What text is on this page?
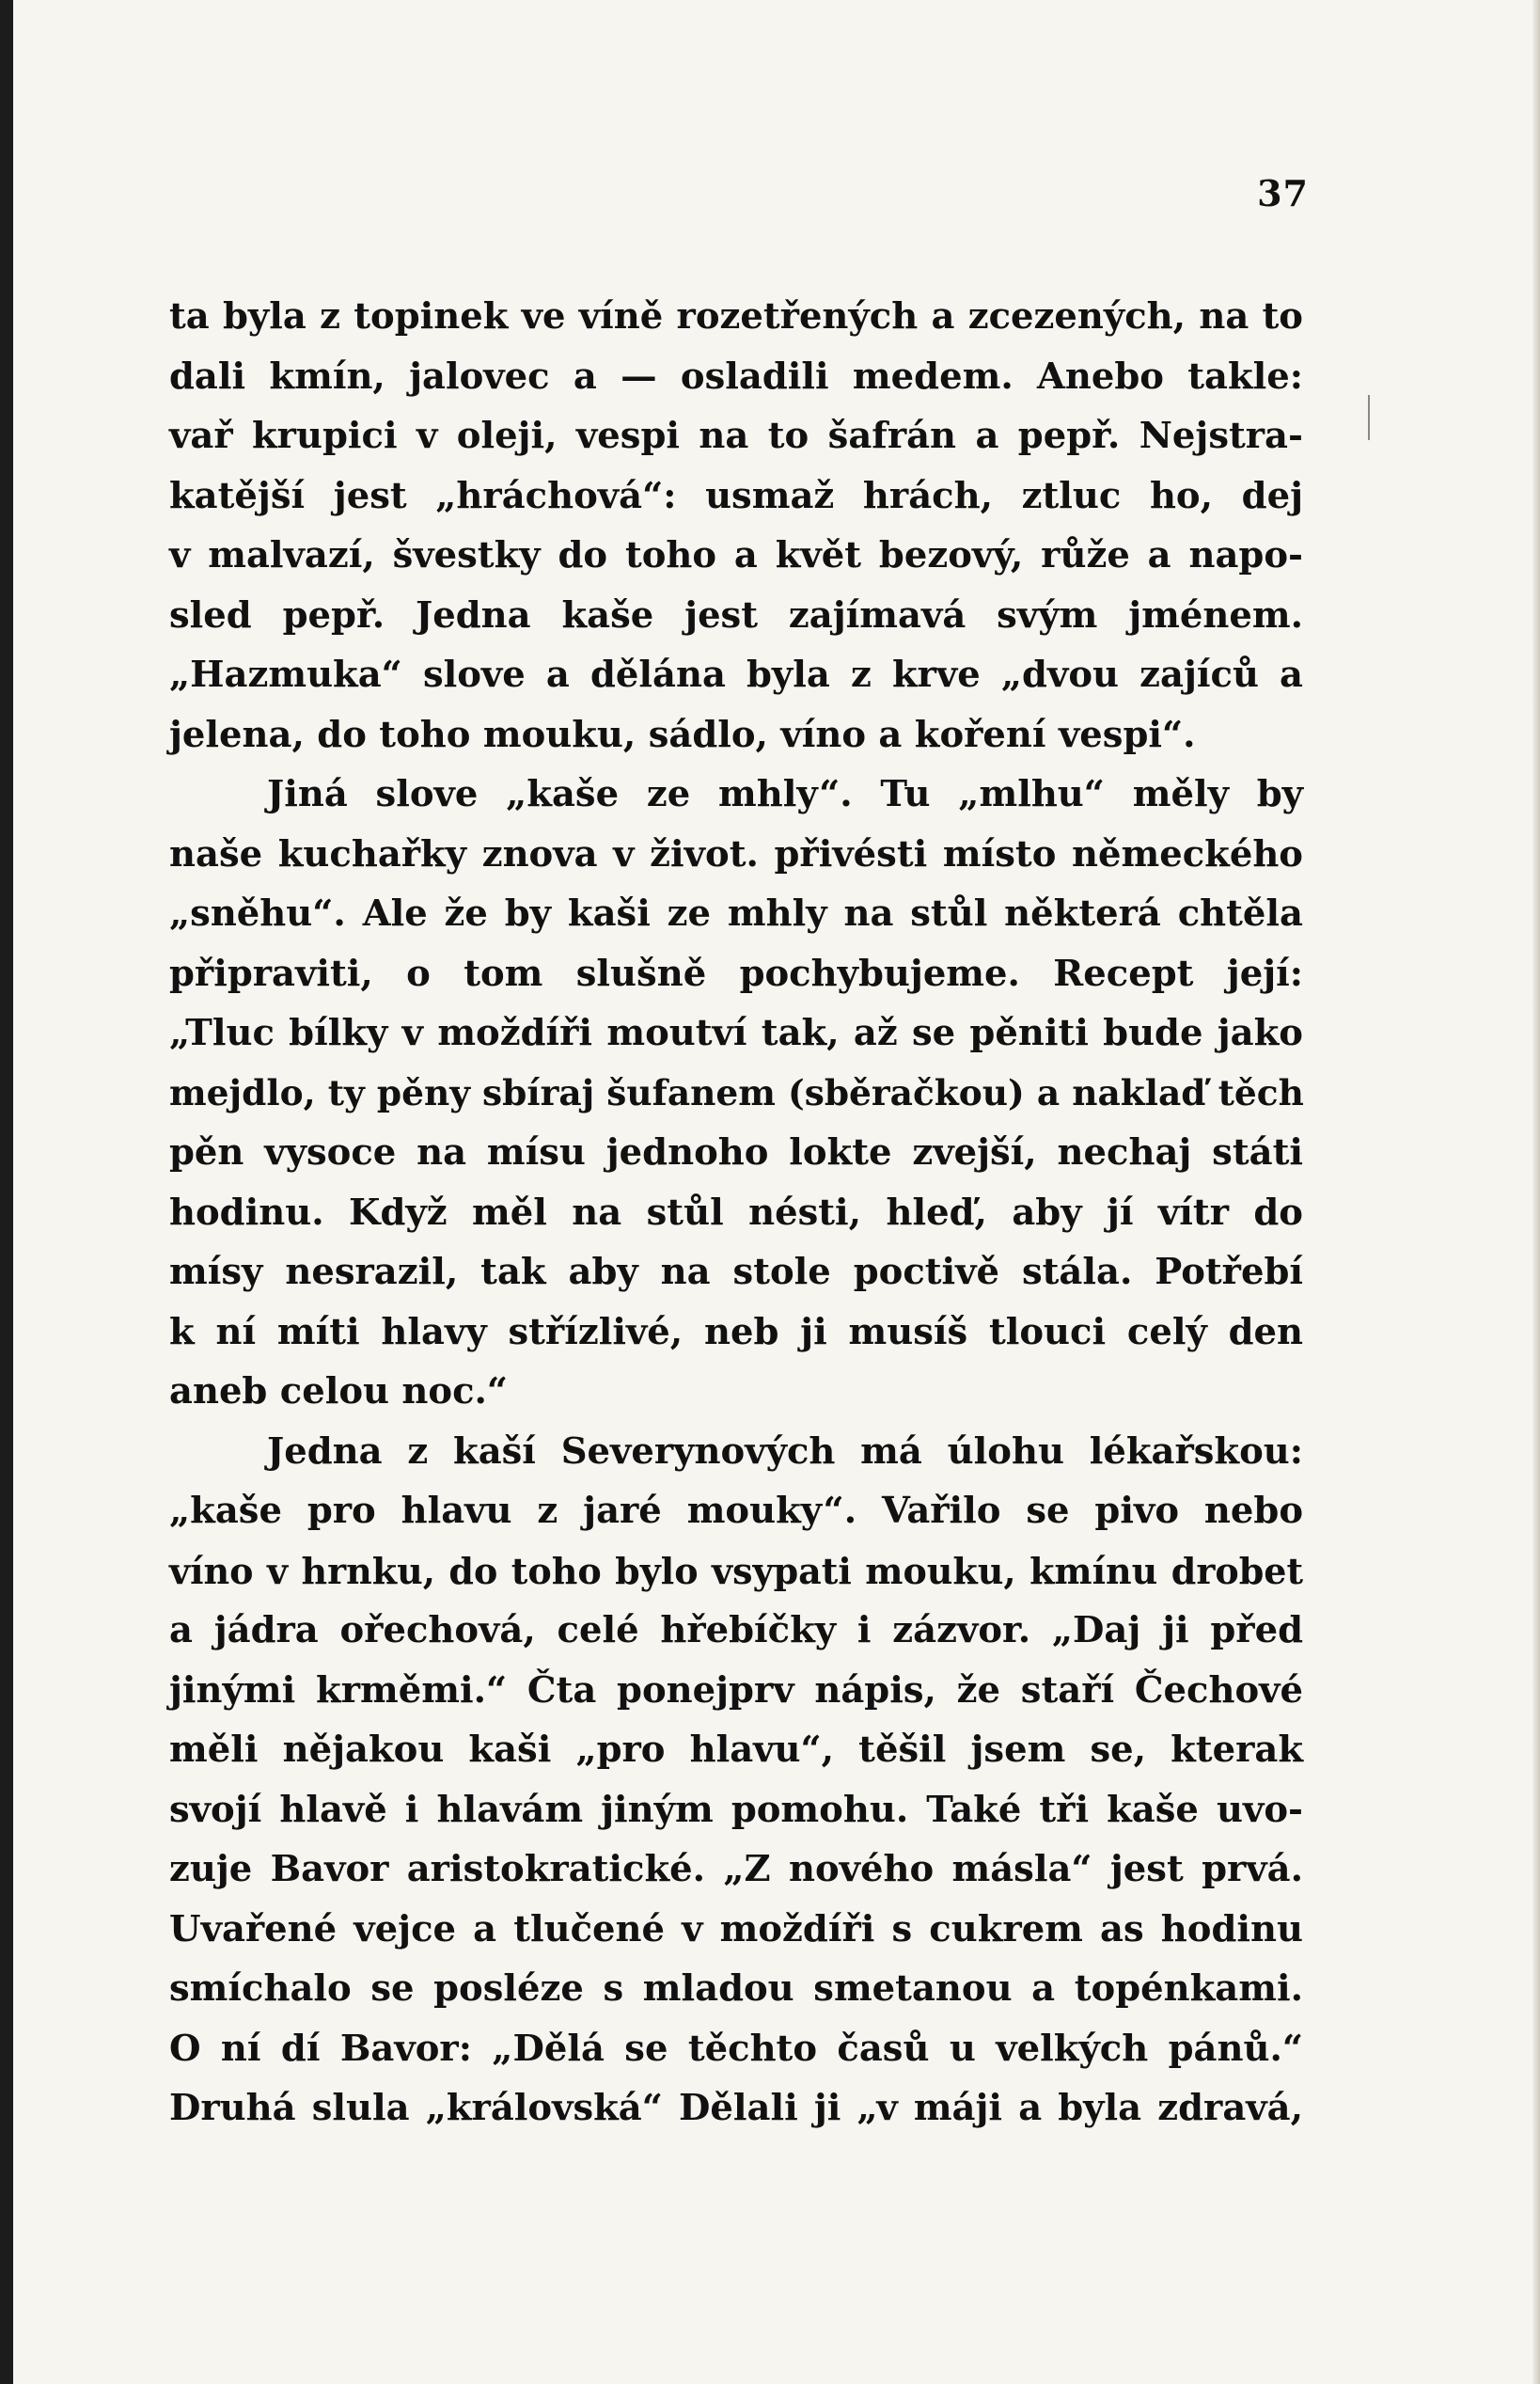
37
ta byla z topinek ve víně rozetřených a zcezených, na to
dali kmín, jalovec a — osladili medem. Anebo takle:
vař krupici v oleji, vespi na to šafrán a pepř. Nejstra-
katější jest „hráchová“: usmaž hrách, ztluc ho, dej
v malvazí, švestky do toho a květ bezový, růže a napo-
sled pepř. Jedna kaše jest zajímavá svým jménem.
„Hazmuka“ slove a dělána byla z krve „dvou zajíců a
jelena, do toho mouku, sádlo, víno a koření vespi“.
Jiná slove „kaše ze mhly“. Tu „mlhu“ měly by
naše kuchařky znova v život. přivésti místo německého
„sněhu“. Ale že by kaši ze mhly na stůl některá chtěla
připraviti, o tom slušně pochybujeme. Recept její:
„Tluc bílky v moždíři moutví tak, až se pěniti bude jako
mejdlo, ty pěny sbíraj šufanem (sběračkou) a naklaď těch
pěn vysoce na mísu jednoho lokte zvejší, nechaj státi
hodinu. Když měl na stůl nésti, hleď, aby jí vítr do
mísy nesrazil, tak aby na stole poctivě stála. Potřebí
k ní míti hlavy střízlivé, neb ji musíš tlouci celý den
aneb celou noc.“
Jedna z kaší Severynových má úlohu lékařskou:
„kaše pro hlavu z jaré mouky“. Vařilo se pivo nebo
víno v hrnku, do toho bylo vsypati mouku, kmínu drobet
a jádra ořechová, celé hřebíčky i zázvor. „Daj ji před
jinými krměmi.“ Čta ponejprv nápis, že staří Čechové
měli nějakou kaši „pro hlavu“, těšil jsem se, kterak
svojí hlavě i hlavám jiným pomohu. Také tři kaše uvo-
zuje Bavor aristokratické. „Z nového másla“ jest prvá.
Uvařené vejce a tlučené v moždíři s cukrem as hodinu
smíchalo se posléze s mladou smetanou a topénkami.
O ní dí Bavor: „Dělá se těchto časů u velkých pánů.“
Druhá slula „královská“ Dělali ji „v máji a byla zdravá,
